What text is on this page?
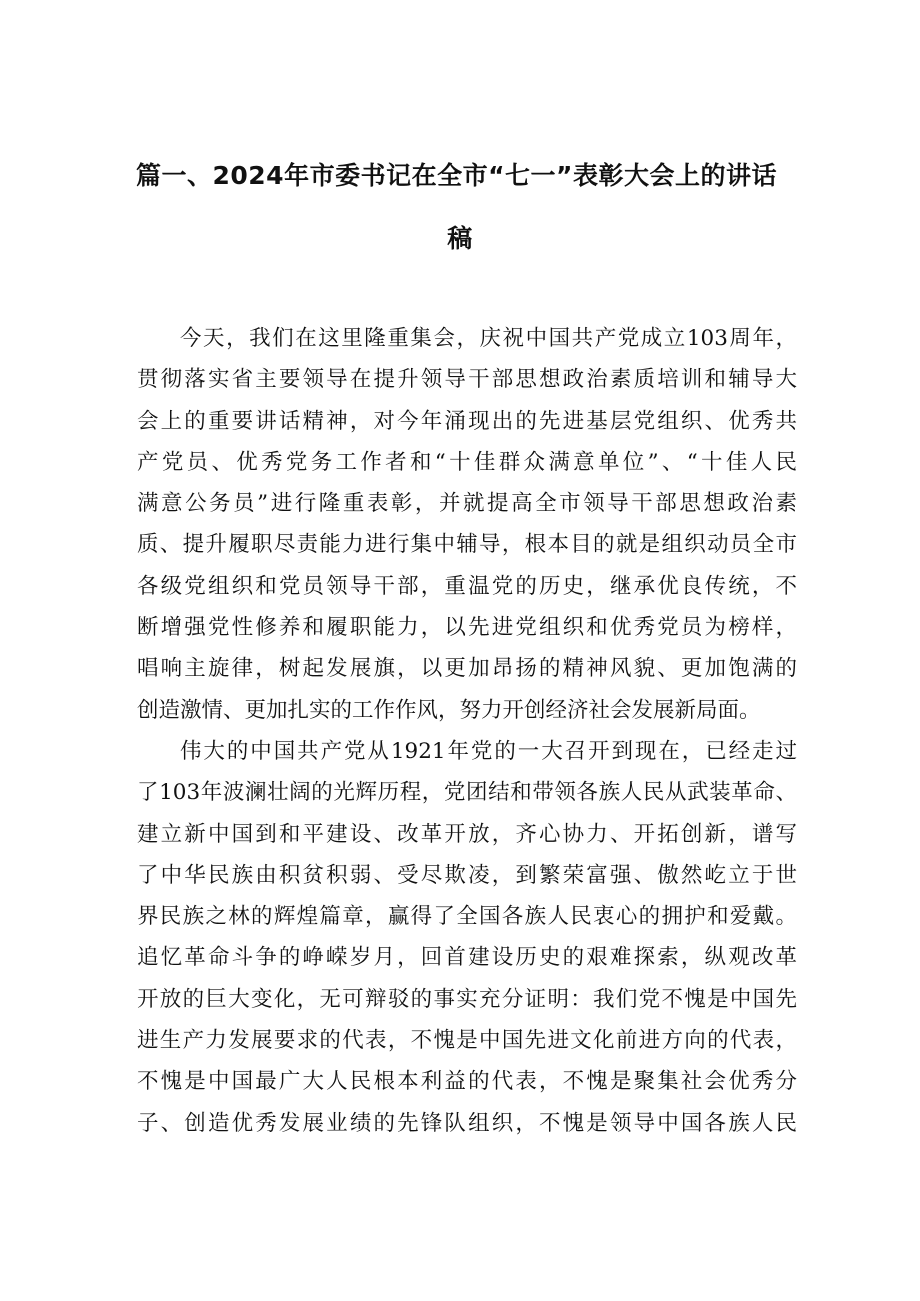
篇一、2024年市委书记在全市“七一”表彰大会上的讲话
稿
今天，我们在这里隆重集会，庆祝中国共产党成立103周年，
贯彻落实省主要领导在提升领导干部思想政治素质培训和辅导大
会上的重要讲话精神，对今年涌现出的先进基层党组织、优秀共
产党员、优秀党务工作者和“十佳群众满意单位”、“十佳人民
满意公务员”进行隆重表彰，并就提高全市领导干部思想政治素
质、提升履职尽责能力进行集中辅导，根本目的就是组织动员全市
各级党组织和党员领导干部，重温党的历史，继承优良传统，不
断增强党性修养和履职能力，以先进党组织和优秀党员为榜样，
唱响主旋律，树起发展旗，以更加昂扬的精神风貌、更加饱满的
创造激情、更加扎实的工作作风，努力开创经济社会发展新局面。
伟大的中国共产党从1921年党的一大召开到现在，已经走过
了103年波澜壮阔的光辉历程，党团结和带领各族人民从武装革命、
建立新中国到和平建设、改革开放，齐心协力、开拓创新，谱写
了中华民族由积贫积弱、受尽欺凌，到繁荣富强、傲然屹立于世
界民族之林的辉煌篇章，赢得了全国各族人民衷心的拥护和爱戴。
追忆革命斗争的峥嵘岁月，回首建设历史的艰难探索，纵观改革
开放的巨大变化，无可辩驳的事实充分证明：我们党不愧是中国先
进生产力发展要求的代表，不愧是中国先进文化前进方向的代表，
不愧是中国最广大人民根本利益的代表，不愧是聚集社会优秀分
子、创造优秀发展业绩的先锋队组织，不愧是领导中国各族人民
